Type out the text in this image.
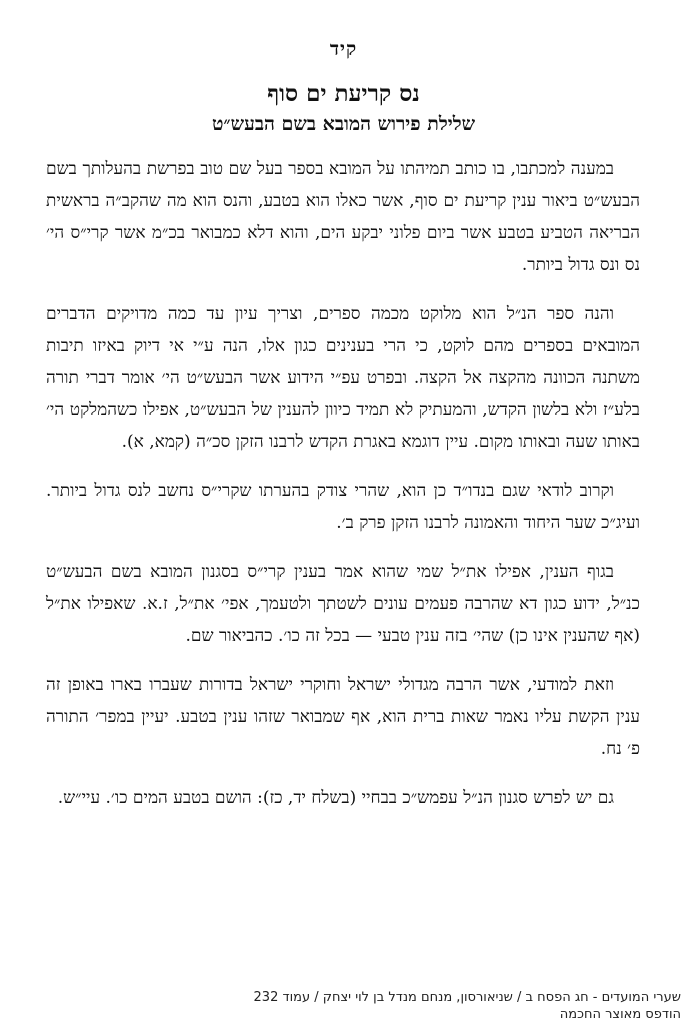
קיד
נס קריעת ים סוף
שלילת פירוש המובא בשם הבעש״ט

במענה למכתבו, בו כותב תמיהתו על המובא בספר בעל שם טוב בפרשת בהעלותך בשם הבעש״ט ביאור ענין קריעת ים סוף, אשר כאלו הוא בטבע, והנס הוא מה שהקב״ה בראשית הבריאה הטביע בטבע אשר ביום פלוני יבקע הים, והוא דלא כמבואר בכ״מ אשר קרי״ס הי׳ נס ונס גדול ביותר.

והנה ספר הנ״ל הוא מלוקט מכמה ספרים, וצריך עיון עד כמה מדויקים הדברים המובאים בספרים מהם לוקט, כי הרי בענינים כגון אלו, הנה ע״י אי דיוק באיזו תיבות משתנה הכוונה מהקצה אל הקצה. ובפרט עפ״י הידוע אשר הבעש״ט הי׳ אומר דברי תורה בלע״ז ולא בלשון הקדש, והמעתיק לא תמיד כיוון להענין של הבעש״ט, אפילו כשהמלקט הי׳ באותו שעה ובאותו מקום. עיין דוגמא באגרת הקדש לרבנו הזקן סכ״ה (קמא, א).

וקרוב לודאי שגם בנדו״ד כן הוא, שהרי צודק בהערתו שקרי״ס נחשב לנס גדול ביותר. ועיג״כ שער היחוד והאמונה לרבנו הזקן פרק ב׳.

בגוף הענין, אפילו את״ל שמי שהוא אמר בענין קרי״ס בסגנון המובא בשם הבעש״ט כנ״ל, ידוע כגון דא שהרבה פעמים עונים לשטתך ולטעמך, אפי׳ את״ל, ז.א. שאפילו את״ל (אף שהענין אינו כן) שהי׳ בזה ענין טבעי — בכל זה כו׳. כהביאור שם.

וזאת למודעי, אשר הרבה מגדולי ישראל וחוקרי ישראל בדורות שעברו בארו באופן זה ענין הקשת עליו נאמר שאות ברית הוא, אף שמבואר שזהו ענין בטבע. יעיין במפר׳ התורה פ׳ נח.

גם יש לפרש סגנון הנ״ל עפמש״כ בבחיי (בשלח יד, כז): הושם בטבע המים כו׳. עיי״ש.

שערי המועדים - חג הפסח ב / שניאורסון, מנחם מנדל בן לוי יצחק / עמוד 232
הודפס מאוצר החכמה
